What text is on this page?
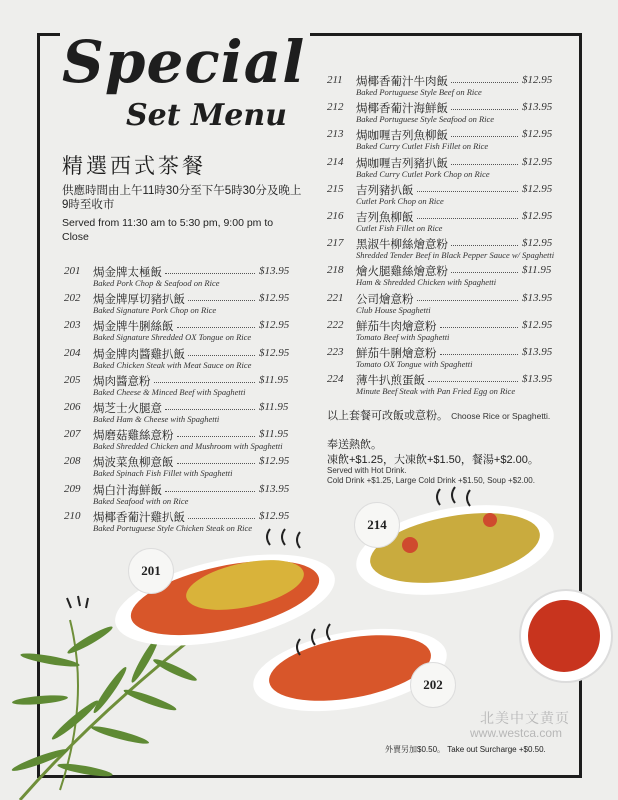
Special
Set Menu
精選西式茶餐
供應時間由上午11時30分至下午5時30分及晚上9時至收市
Served from 11:30 am to 5:30 pm, 9:00 pm to Close
201 焗金牌太極飯	$13.95
Baked Pork Chop & Seafood on Rice
202 焗金牌厚切豬扒飯	$12.95
Baked Signature Pork Chop on Rice
203 焗金牌牛脷絲飯	$12.95
Baked Signature Shredded OX Tongue on Rice
204 焗金牌肉醬雞扒飯	$12.95
Baked Chicken Steak with Meat Sauce on Rice
205 焗肉醬意粉	$11.95
Baked Cheese & Minced Beef with Spaghetti
206 焗芝士火腿意	$11.95
Baked Ham & Cheese with Spaghetti
207 焗磨菇雞絲意粉	$11.95
Baked Shredded Chicken and Mushroom with Spaghetti
208 焗波菜魚柳意飯	$12.95
Baked Spinach Fish Fillet with Spaghetti
209 焗白汁海鮮飯	$13.95
Baked Seafood with on Rice
210 焗椰香葡汁雞扒飯	$12.95
Baked Portuguese Style Chicken Steak on Rice
211 焗椰香葡汁牛肉飯	$12.95
Baked Portuguese Style Beef on Rice
212 焗椰香葡汁海鮮飯	$13.95
Baked Portuguese Style Seafood on Rice
213 焗咖喱吉列魚柳飯	$12.95
Baked Curry Cutlet Fish Fillet on Rice
214 焗咖喱吉列豬扒飯	$12.95
Baked Curry Cutlet Pork Chop on Rice
215 吉列豬扒飯	$12.95
Cutlet Pork Chop on Rice
216 吉列魚柳飯	$12.95
Cutlet Fish Fillet on Rice
217 黑淑牛柳絲燴意粉	$12.95
Shredded Tender Beef in Black Pepper Sauce w/ Spaghetti
218 燴火腿雞絲燴意粉	$11.95
Ham & Shredded Chicken with Spaghetti
221 公司燴意粉	$13.95
Club House Spaghetti
222 鮮茄牛肉燴意粉	$12.95
Tomato Beef with Spaghetti
223 鮮茄牛脷燴意粉	$13.95
Tomato OX Tongue with Spaghetti
224 薄牛扒煎蛋飯	$13.95
Minute Beef Steak with Pan Fried Egg on Rice
以上套餐可改飯或意粉。 Choose Rice or Spaghetti.
奉送熱飲。
凍飲+$1.25，大凍飲+$1.50，餐湯+$2.00。
Served with Hot Drink.
Cold Drink +$1.25, Large Cold Drink +$1.50, Soup +$2.00.
201
214
202
北美中文黄页
www.westca.com
外賣另加$0.50。 Take out Surcharge +$0.50.
